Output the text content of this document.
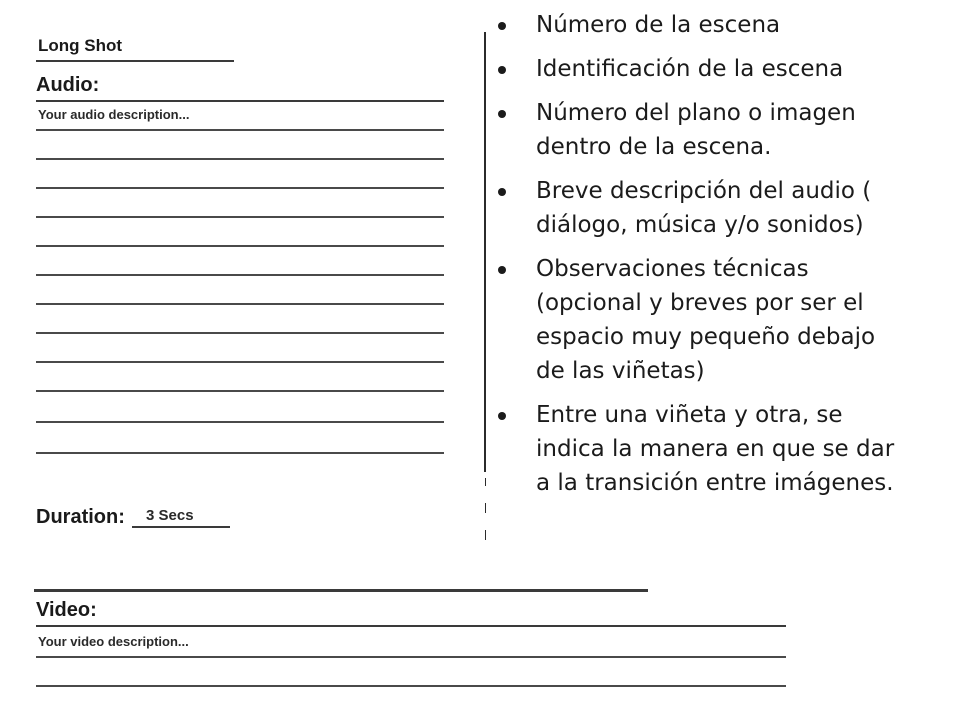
Long Shot
Audio:
Your audio description...
Duration: 3 Secs
Video:
Your video description...
Número de la escena
Identificación de la escena
Número del plano o imagen dentro de la escena.
Breve descripción del audio ( diálogo, música y/o sonidos)
Observaciones técnicas (opcional y breves por ser el espacio muy pequeño debajo de las viñetas)
Entre una viñeta y otra, se indica la manera en que se dar a la transición entre imágenes.
